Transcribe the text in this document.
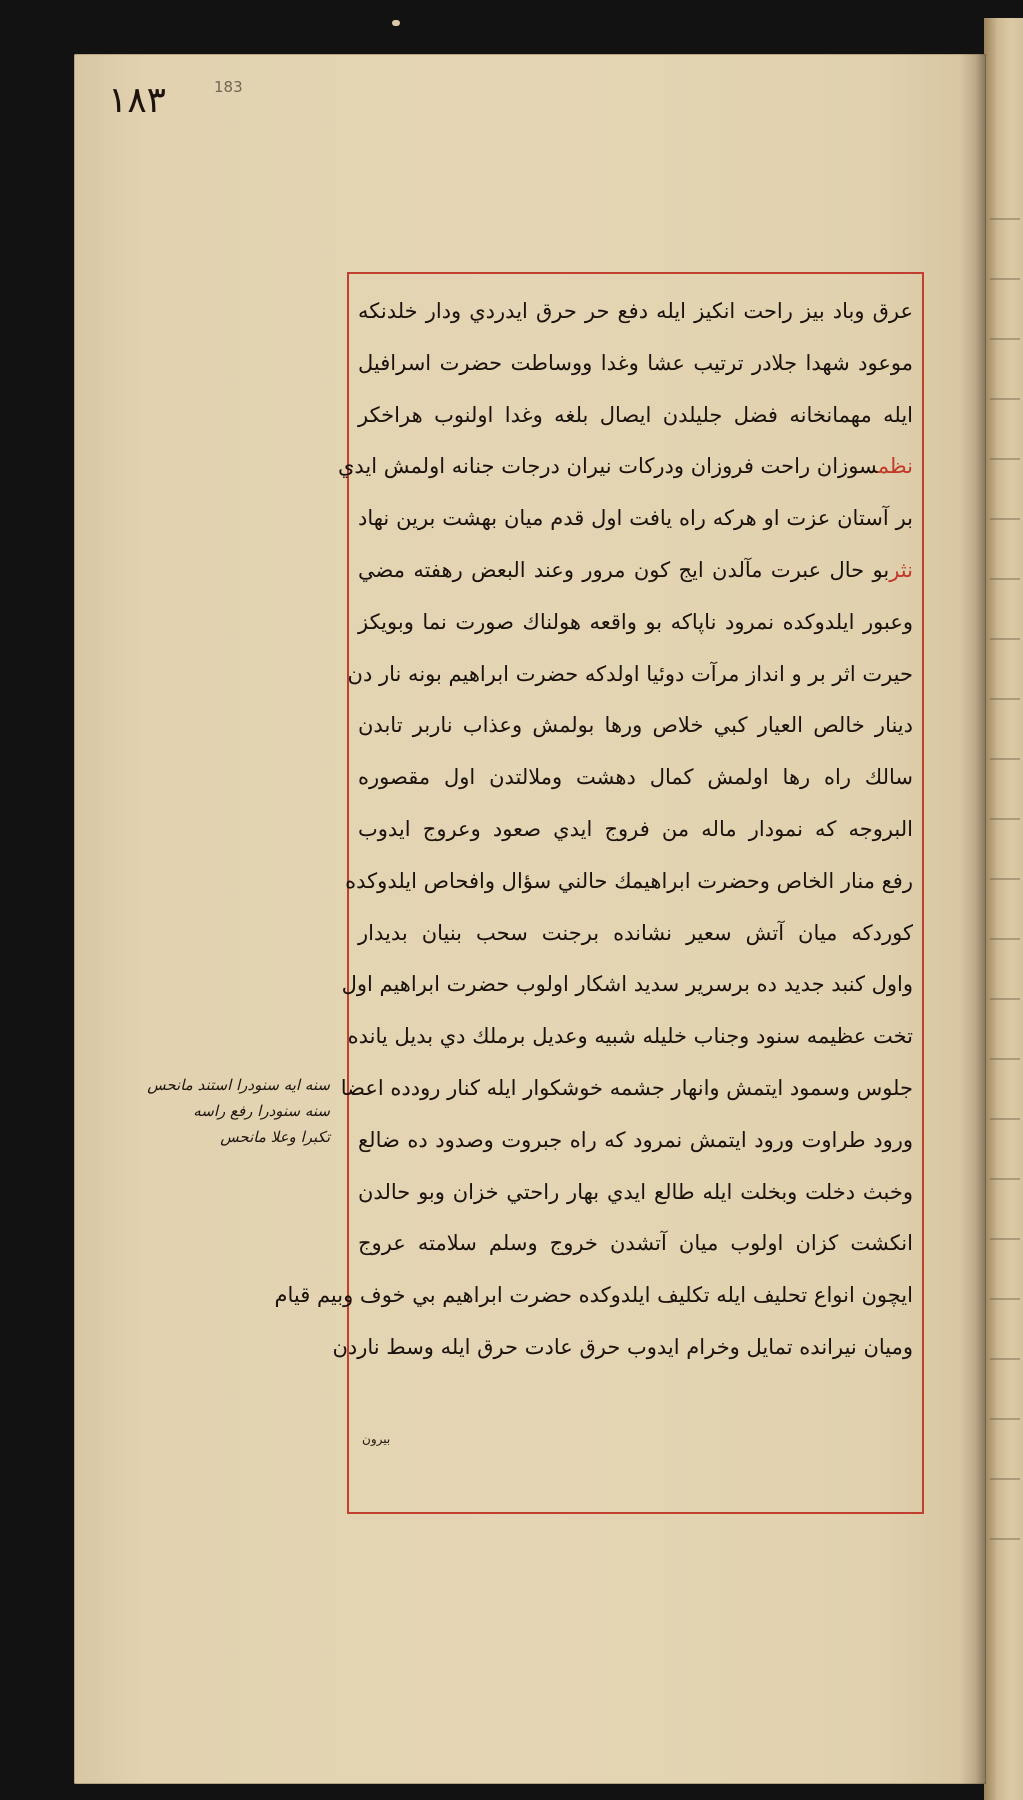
١٨٣	183
عرق وباد بيز راحت انكيز ايله دفع حر حرق ايدردي ودار خلدنكه
موعود شهدا جلادر ترتيب عشا وغدا ووساطت حضرت اسرافيل
ايله مهمانخانه فضل جليلدن ايصال بلغه وغدا اولنوب هراخكر
نظمسوزان راحت فروزان ودركات نيران درجات جنانه اولمش ايدي
بر آستان عزت او هركه راه يافت اول قدم ميان بهشت برين نهاد
نثربو حال عبرت مآلدن ايج كون مرور وعند البعض رهفته مضي
وعبور ايلدوكده نمرود ناپاكه بو واقعه هولناك صورت نما وبويكز
حيرت اثر بر و انداز مرآت دوئيا اولدكه حضرت ابراهيم بونه نار دن
دينار خالص العيار كبي خلاص ورها بولمش وعذاب ناربر تابدن
سالك راه رها اولمش كمال دهشت وملالتدن اول مقصوره
البروجه كه نمودار ماله من فروج ايدي صعود وعروج ايدوب
رفع منار الخاص وحضرت ابراهيمك حالني سؤال وافحاص ايلدوكده
كوردكه ميان آتش سعير نشانده برجنت سحب بنيان بديدار
واول كنبد جديد ده برسرير سديد اشكار اولوب حضرت ابراهيم اول
تخت عظيمه سنود وجناب خليله شبيه وعديل برملك دي بديل يانده
جلوس وسمود ايتمش وانهار جشمه خوشكوار ايله كنار رودده اعضا
ورود طراوت ورود ايتمش نمرود كه راه جبروت وصدود ده ضالع
وخبث دخلت وبخلت ايله طالع ايدي بهار راحتي خزان وبو حالدن
انكشت كزان اولوب ميان آتشدن خروج وسلم سلامته عروج
ايچون انواع تحليف ايله تكليف ايلدوكده حضرت ابراهيم بي خوف وبيم قيام
وميان نيرانده تمايل وخرام ايدوب حرق عادت حرق ايله وسط ناردن
سنه ايه سنودرا استند مانحس
سنه سنودرا رفع راسه
تكبرا وعلا مانحس
بيرون
